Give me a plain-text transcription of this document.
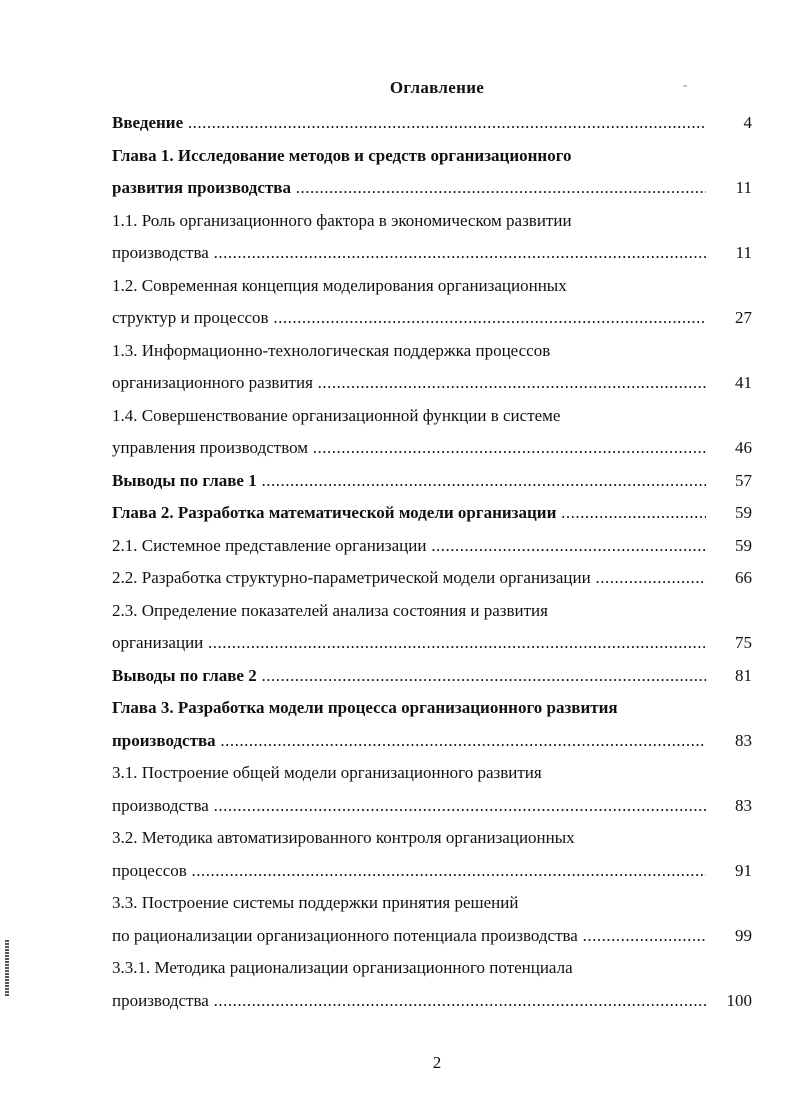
Оглавление	-
Введение .....	4
Глава 1. Исследование методов и средств организационного
развития производства .....	11
1.1. Роль организационного фактора в экономическом развитии
производства .....	11
1.2. Современная концепция моделирования организационных
структур и процессов .....	27
1.3. Информационно-технологическая поддержка процессов
организационного развития .....	41
1.4. Совершенствование организационной функции в системе
управления производством .....	46
Выводы по главе 1 .....	57
Глава 2. Разработка математической модели организации .....	59
2.1. Системное представление организации .....	59
2.2. Разработка структурно-параметрической модели организации .....	66
2.3. Определение показателей анализа состояния и развития
организации .....	75
Выводы по главе 2 .....	81
Глава 3. Разработка модели процесса организационного развития
производства .....	83
3.1. Построение общей модели организационного развития
производства .....	83
3.2. Методика автоматизированного контроля организационных
процессов .....	91
3.3. Построение системы поддержки принятия решений
по рационализации организационного потенциала производства .....	99
3.3.1. Методика рационализации организационного потенциала
производства .....	100
2
